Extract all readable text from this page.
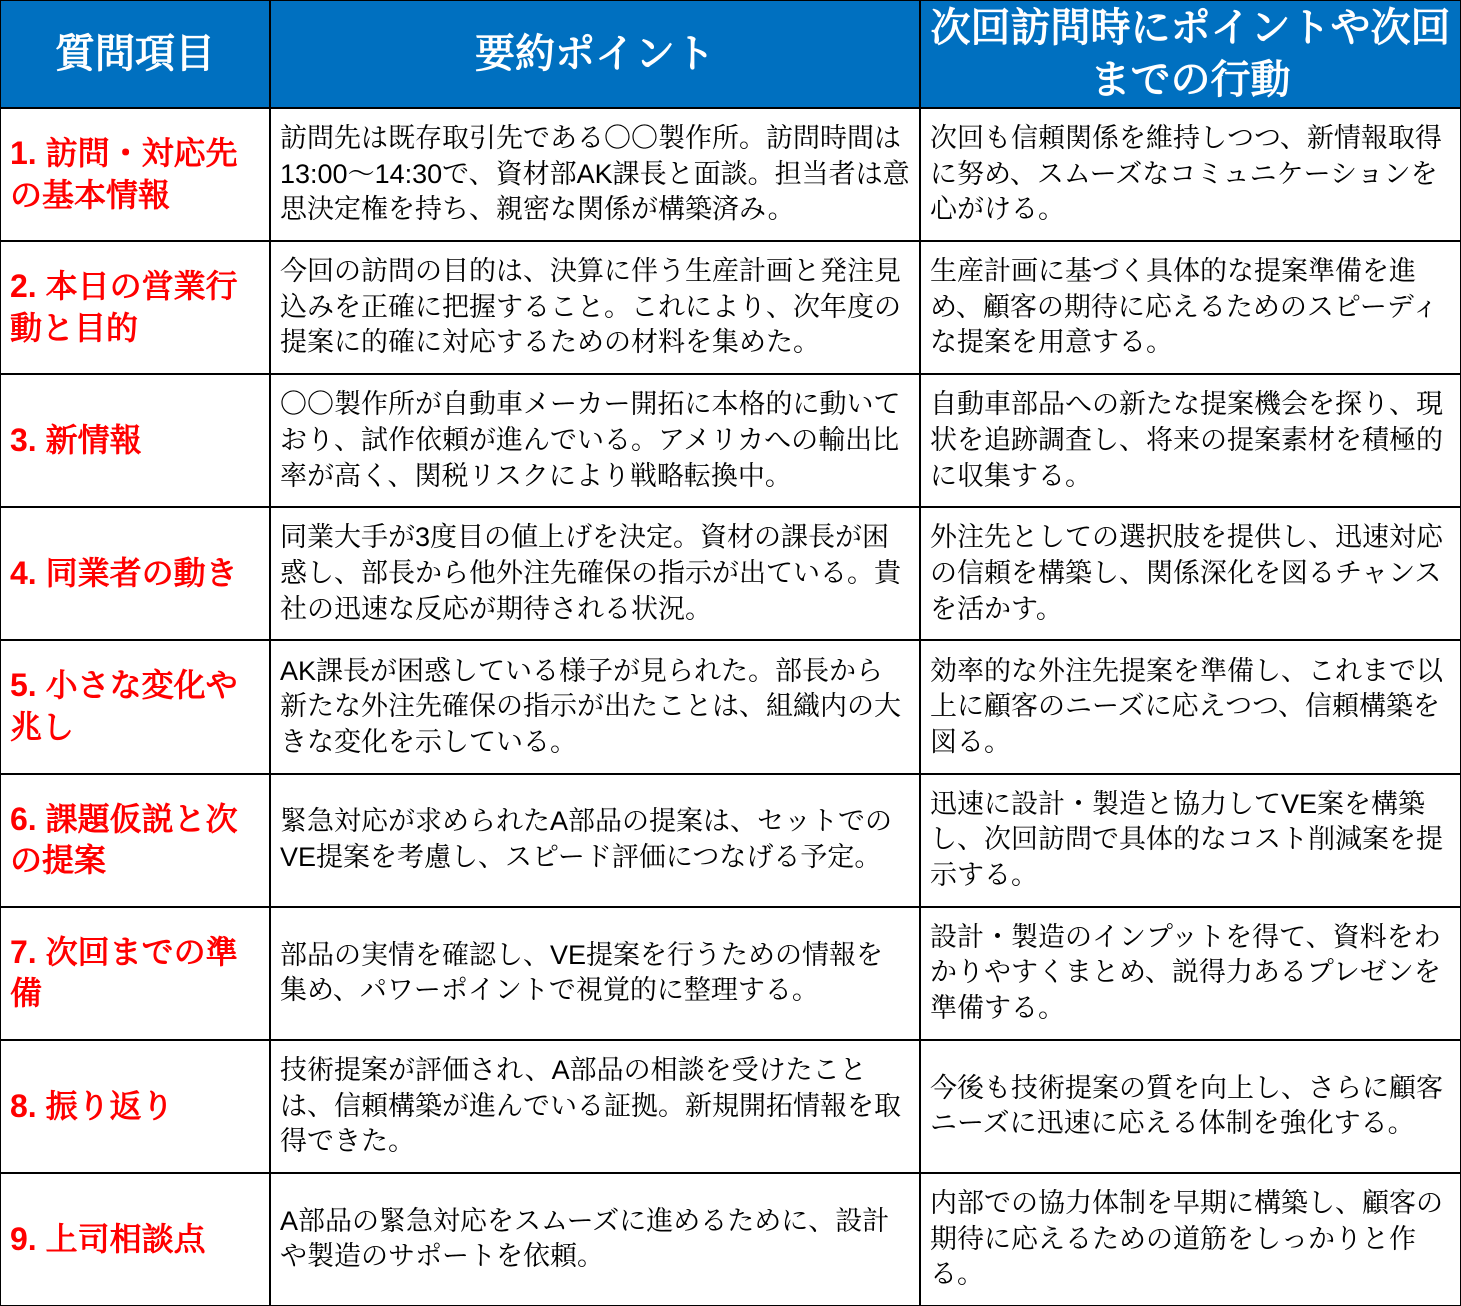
質問項目	要約ポイント
次回訪問時にポイントや次回までの行動
1. 訪問・対応先の基本情報
訪問先は既存取引先である〇〇製作所。訪問時間は13:00～14:30で、資材部AK課長と面談。担当者は意思決定権を持ち、親密な関係が構築済み。
次回も信頼関係を維持しつつ、新情報取得に努め、スムーズなコミュニケーションを心がける。
2. 本日の営業行動と目的
今回の訪問の目的は、決算に伴う生産計画と発注見込みを正確に把握すること。これにより、次年度の提案に的確に対応するための材料を集めた。
生産計画に基づく具体的な提案準備を進め、顧客の期待に応えるためのスピーディな提案を用意する。
3. 新情報
〇〇製作所が自動車メーカー開拓に本格的に動いており、試作依頼が進んでいる。アメリカへの輸出比率が高く、関税リスクにより戦略転換中。
自動車部品への新たな提案機会を探り、現状を追跡調査し、将来の提案素材を積極的に収集する。
4. 同業者の動き
同業大手が3度目の値上げを決定。資材の課長が困惑し、部長から他外注先確保の指示が出ている。貴社の迅速な反応が期待される状況。
外注先としての選択肢を提供し、迅速対応の信頼を構築し、関係深化を図るチャンスを活かす。
5. 小さな変化や兆し
AK課長が困惑している様子が見られた。部長から新たな外注先確保の指示が出たことは、組織内の大きな変化を示している。
効率的な外注先提案を準備し、これまで以上に顧客のニーズに応えつつ、信頼構築を図る。
6. 課題仮説と次の提案
緊急対応が求められたA部品の提案は、セットでのVE提案を考慮し、スピード評価につなげる予定。
迅速に設計・製造と協力してVE案を構築し、次回訪問で具体的なコスト削減案を提示する。
7. 次回までの準備
部品の実情を確認し、VE提案を行うための情報を集め、パワーポイントで視覚的に整理する。
設計・製造のインプットを得て、資料をわかりやすくまとめ、説得力あるプレゼンを準備する。
8. 振り返り
技術提案が評価され、A部品の相談を受けたことは、信頼構築が進んでいる証拠。新規開拓情報を取得できた。
今後も技術提案の質を向上し、さらに顧客ニーズに迅速に応える体制を強化する。
9. 上司相談点	A部品の緊急対応をスムーズに進めるために、設計や製造のサポートを依頼。
内部での協力体制を早期に構築し、顧客の期待に応えるための道筋をしっかりと作る。
